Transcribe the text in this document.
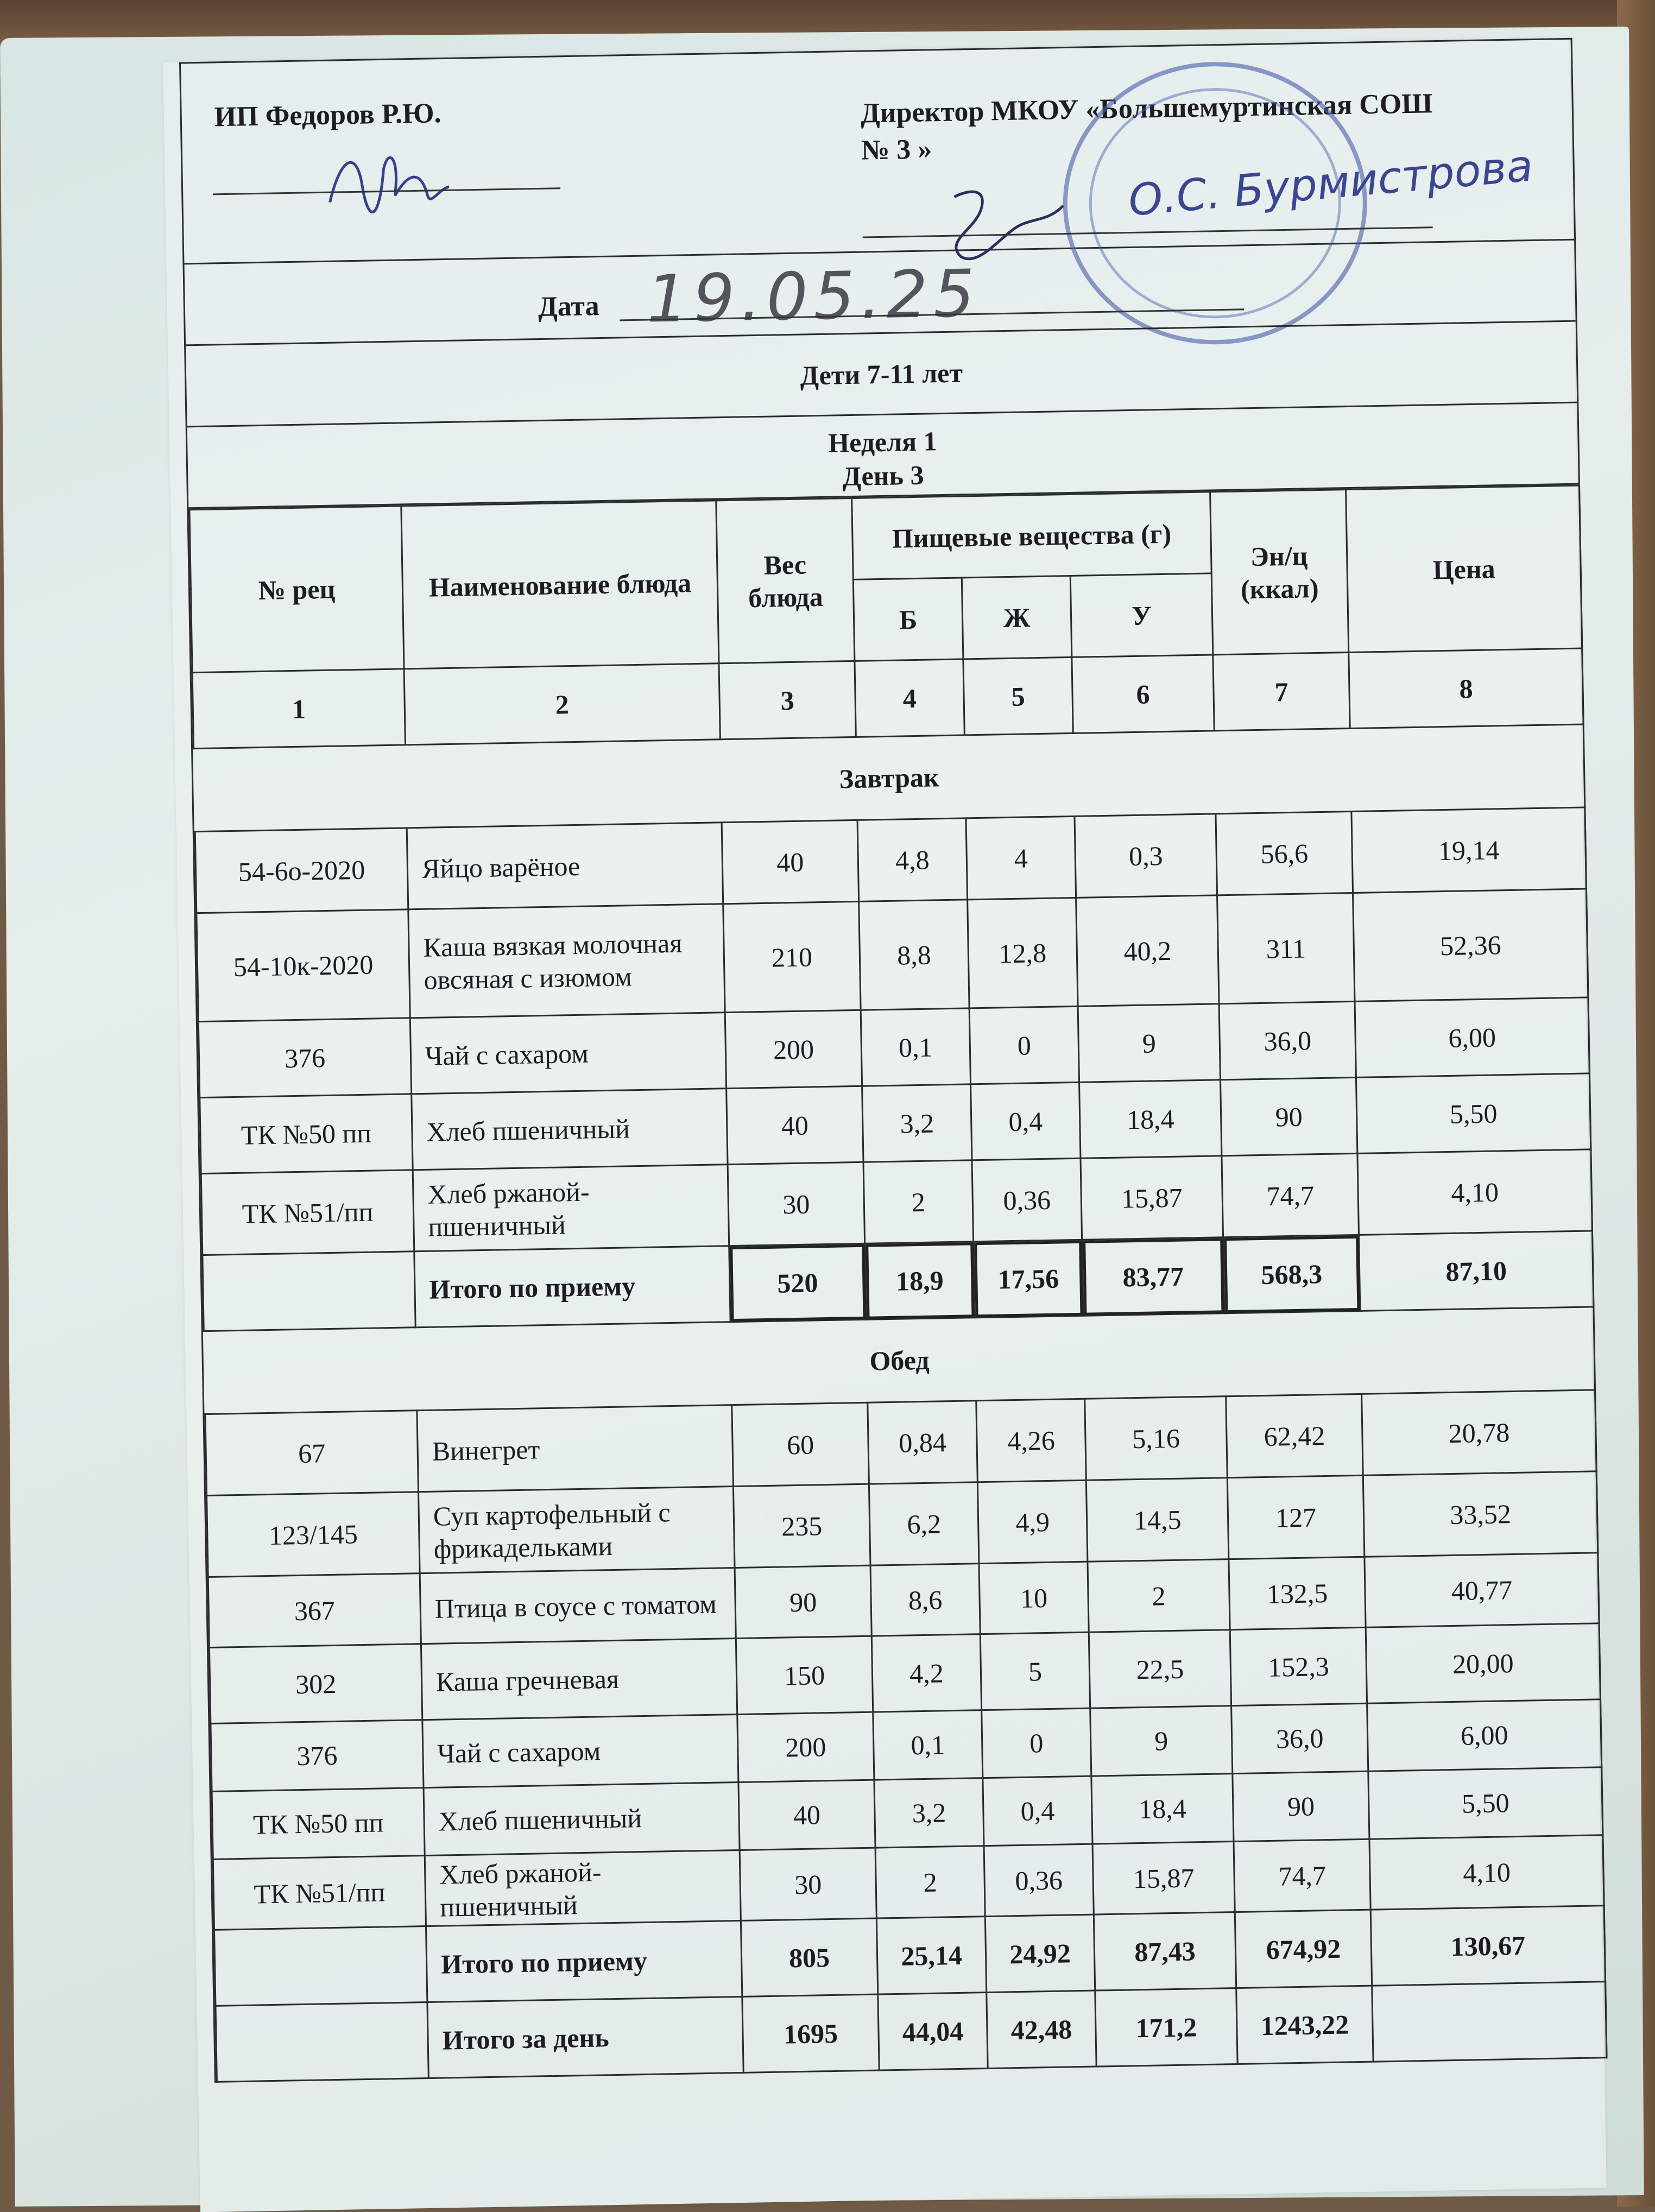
ИП Федоров Р.Ю.	Директор МКОУ «Большемуртинская СОШ
№ 3 »	О.С. Бурмистрова
Дата 19.05.25
Дети 7-11 лет
Неделя 1
День 3
№ рец	Наименование блюда	Вес блюда	Пищевые вещества (г)			Эн/ц (ккал)	Цена
			Б	Ж	У		
1	2	3	4	5	6	7	8
Завтрак							
54-6о-2020	Яйцо варёное	40	4,8	4	0,3	56,6	19,14
54-10к-2020	Каша вязкая молочная овсяная с изюмом	210	8,8	12,8	40,2	311	52,36
376	Чай с сахаром	200	0,1	0	9	36,0	6,00
ТК №50 пп	Хлеб пшеничный	40	3,2	0,4	18,4	90	5,50
ТК №51/пп	Хлеб ржаной-пшеничный	30	2	0,36	15,87	74,7	4,10
	Итого по приему	520	18,9	17,56	83,77	568,3	87,10
Обед							
67	Винегрет	60	0,84	4,26	5,16	62,42	20,78
123/145	Суп картофельный с фрикадельками	235	6,2	4,9	14,5	127	33,52
367	Птица в соусе с томатом	90	8,6	10	2	132,5	40,77
302	Каша гречневая	150	4,2	5	22,5	152,3	20,00
376	Чай с сахаром	200	0,1	0	9	36,0	6,00
ТК №50 пп	Хлеб пшеничный	40	3,2	0,4	18,4	90	5,50
ТК №51/пп	Хлеб ржаной-пшеничный	30	2	0,36	15,87	74,7	4,10
	Итого по приему	805	25,14	24,92	87,43	674,92	130,67
	Итого за день	1695	44,04	42,48	171,2	1243,22	
